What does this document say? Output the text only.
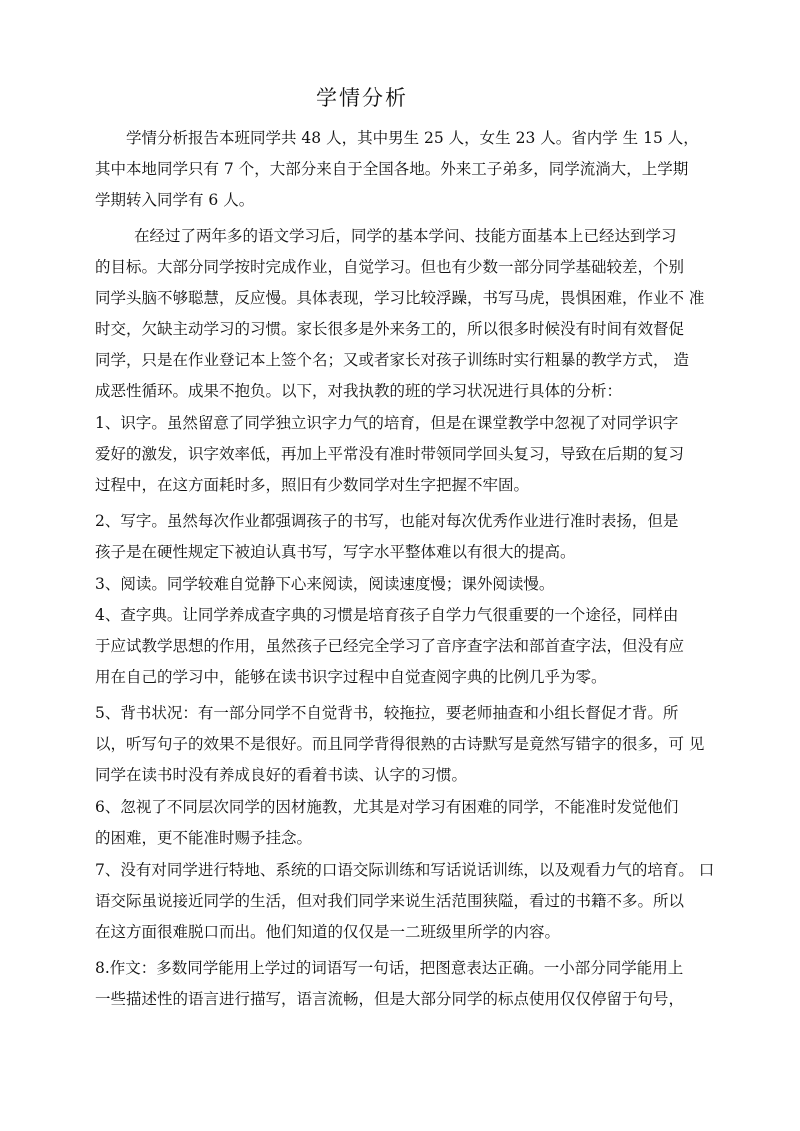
学情分析
学情分析报告本班同学共 48 人，其中男生 25 人，女生 23 人。省内学 生 15 人，
其中本地同学只有 7 个，大部分来自于全国各地。外来工子弟多，同学流淌大，上学期
学期转入同学有 6 人。
在经过了两年多的语文学习后，同学的基本学问、技能方面基本上已经达到学习
的目标。大部分同学按时完成作业，自觉学习。但也有少数一部分同学基础较差，个别
同学头脑不够聪慧，反应慢。具体表现，学习比较浮躁，书写马虎，畏惧困难，作业不 准
时交，欠缺主动学习的习惯。家长很多是外来务工的，所以很多时候没有时间有效督促
同学，只是在作业登记本上签个名；又或者家长对孩子训练时实行粗暴的教学方式， 造
成恶性循环。成果不抱负。以下，对我执教的班的学习状况进行具体的分析：
1、识字。虽然留意了同学独立识字力气的培育，但是在课堂教学中忽视了对同学识字
爱好的激发，识字效率低，再加上平常没有准时带领同学回头复习，导致在后期的复习
过程中，在这方面耗时多，照旧有少数同学对生字把握不牢固。
2、写字。虽然每次作业都强调孩子的书写，也能对每次优秀作业进行准时表扬，但是
孩子是在硬性规定下被迫认真书写，写字水平整体难以有很大的提高。
3、阅读。同学较难自觉静下心来阅读，阅读速度慢；课外阅读慢。
4、查字典。让同学养成查字典的习惯是培育孩子自学力气很重要的一个途径，同样由
于应试教学思想的作用，虽然孩子已经完全学习了音序查字法和部首查字法，但没有应
用在自己的学习中，能够在读书识字过程中自觉查阅字典的比例几乎为零。
5、背书状况：有一部分同学不自觉背书，较拖拉，要老师抽查和小组长督促才背。所
以，听写句子的效果不是很好。而且同学背得很熟的古诗默写是竟然写错字的很多，可 见
同学在读书时没有养成良好的看着书读、认字的习惯。
6、忽视了不同层次同学的因材施教，尤其是对学习有困难的同学，不能准时发觉他们
的困难，更不能准时赐予挂念。
7、没有对同学进行特地、系统的口语交际训练和写话说话训练，以及观看力气的培育。 口
语交际虽说接近同学的生活，但对我们同学来说生活范围狭隘，看过的书籍不多。所以
在这方面很难脱口而出。他们知道的仅仅是一二班级里所学的内容。
8.作文：多数同学能用上学过的词语写一句话，把图意表达正确。一小部分同学能用上
一些描述性的语言进行描写，语言流畅，但是大部分同学的标点使用仅仅停留于句号，
